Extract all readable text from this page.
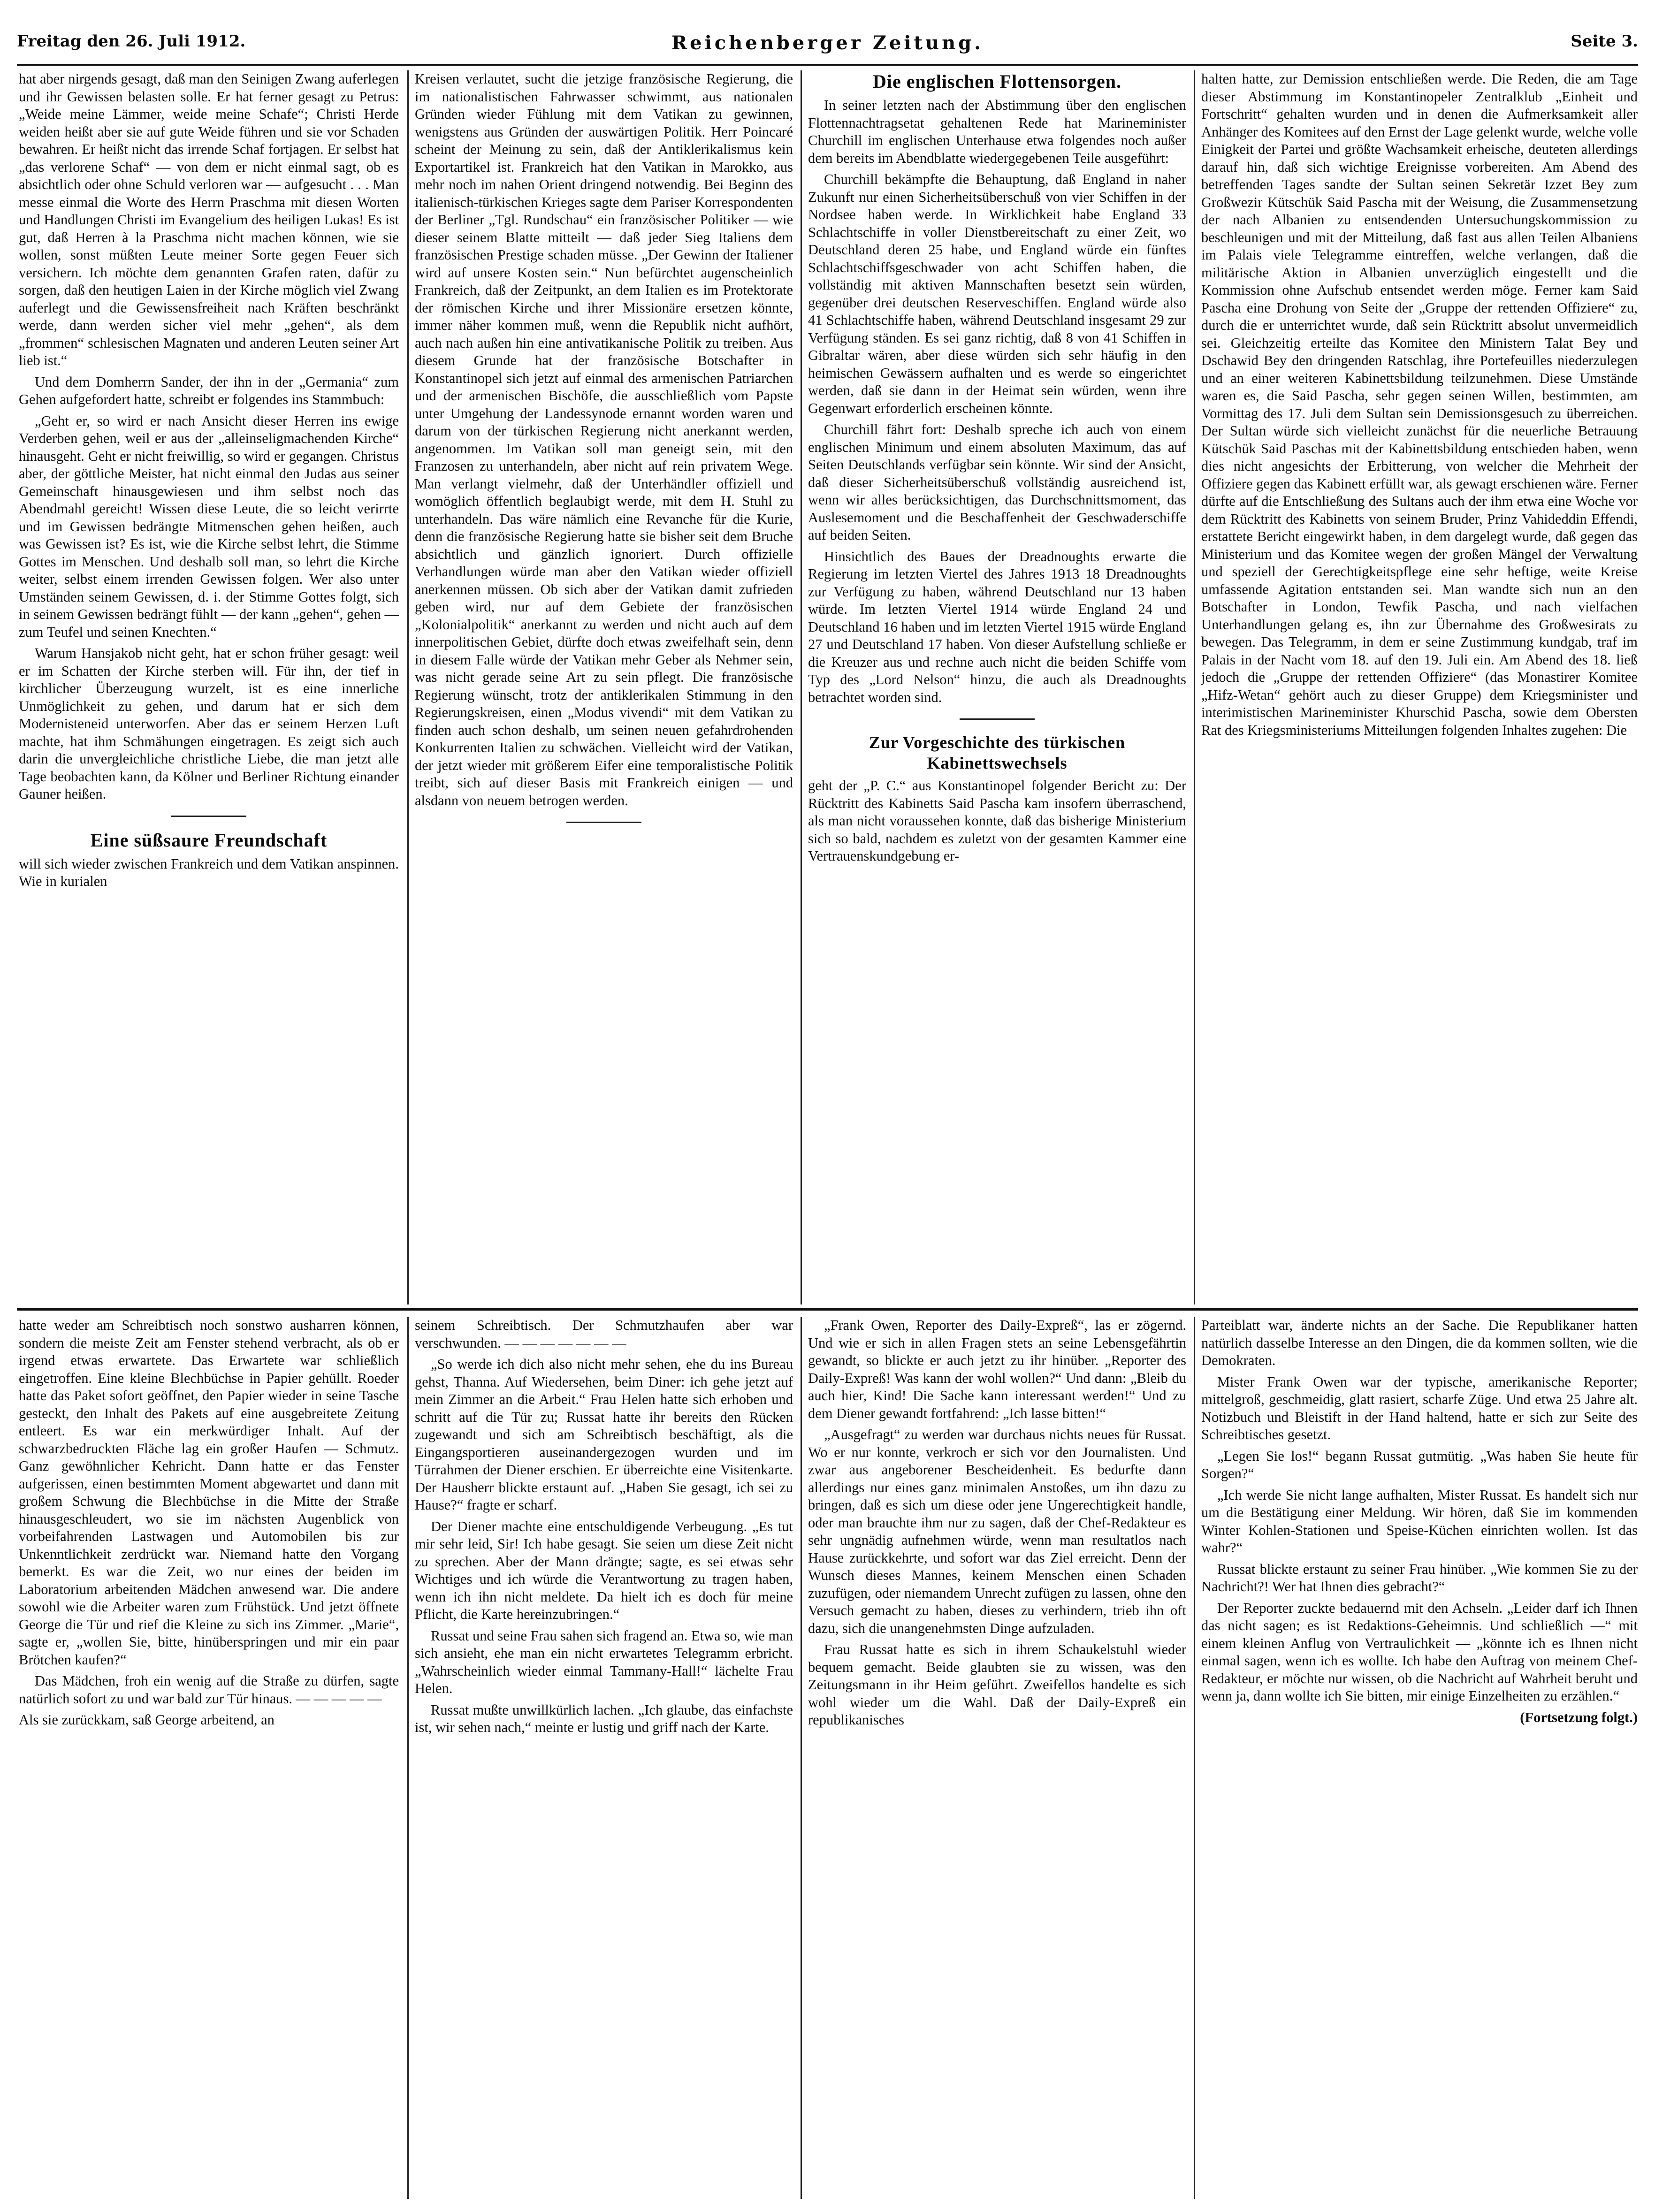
Freitag den 26. Juli 1912.	Reichenberger Zeitung.	Seite 3.

hat aber nirgends gesagt, daß man den Seinigen Zwang auferlegen und ihr Gewissen belasten solle. Er hat ferner gesagt zu Petrus: „Weide meine Lämmer, weide meine Schafe“; Christi Herde weiden heißt aber sie auf gute Weide führen und sie vor Schaden bewahren. Er heißt nicht das irrende Schaf fortjagen. Er selbst hat „das verlorene Schaf“ — von dem er nicht einmal sagt, ob es absichtlich oder ohne Schuld verloren war — aufgesucht . . . Man messe einmal die Worte des Herrn Praschma mit diesen Worten und Handlungen Christi im Evangelium des heiligen Lukas! Es ist gut, daß Herren à la Praschma nicht machen können, wie sie wollen, sonst müßten Leute meiner Sorte gegen Feuer sich versichern. Ich möchte dem genannten Grafen raten, dafür zu sorgen, daß den heutigen Laien in der Kirche möglich viel Zwang auferlegt und die Gewissensfreiheit nach Kräften beschränkt werde, dann werden sicher viel mehr „gehen“, als dem „frommen“ schlesischen Magnaten und anderen Leuten seiner Art lieb ist.“

Und dem Domherrn Sander, der ihn in der „Germania“ zum Gehen aufgefordert hatte, schreibt er folgendes ins Stammbuch:

„Geht er, so wird er nach Ansicht dieser Herren ins ewige Verderben gehen, weil er aus der „alleinseligmachenden Kirche“ hinausgeht. Geht er nicht freiwillig, so wird er gegangen. Christus aber, der göttliche Meister, hat nicht einmal den Judas aus seiner Gemeinschaft hinausgewiesen und ihm selbst noch das Abendmahl gereicht! Wissen diese Leute, die so leicht verirrte und im Gewissen bedrängte Mitmenschen gehen heißen, auch was Gewissen ist? Es ist, wie die Kirche selbst lehrt, die Stimme Gottes im Menschen. Und deshalb soll man, so lehrt die Kirche weiter, selbst einem irrenden Gewissen folgen. Wer also unter Umständen seinem Gewissen, d. i. der Stimme Gottes folgt, sich in seinem Gewissen bedrängt fühlt — der kann „gehen“, gehen — zum Teufel und seinen Knechten.“

Warum Hansjakob nicht geht, hat er schon früher gesagt: weil er im Schatten der Kirche sterben will. Für ihn, der tief in kirchlicher Überzeugung wurzelt, ist es eine innerliche Unmöglichkeit zu gehen, und darum hat er sich dem Modernisteneid unterworfen. Aber das er seinem Herzen Luft machte, hat ihm Schmähungen eingetragen. Es zeigt sich auch darin die unvergleichliche christliche Liebe, die man jetzt alle Tage beobachten kann, da Kölner und Berliner Richtung einander Gauner heißen.

Eine süßsaure Freundschaft

will sich wieder zwischen Frankreich und dem Vatikan anspinnen. Wie in kurialen

Kreisen verlautet, sucht die jetzige französische Regierung, die im nationalistischen Fahrwasser schwimmt, aus nationalen Gründen wieder Fühlung mit dem Vatikan zu gewinnen, wenigstens aus Gründen der auswärtigen Politik. Herr Poincaré scheint der Meinung zu sein, daß der Antiklerikalismus kein Exportartikel ist. Frankreich hat den Vatikan in Marokko, aus mehr noch im nahen Orient dringend notwendig. Bei Beginn des italienisch-türkischen Krieges sagte dem Pariser Korrespondenten der Berliner „Tgl. Rundschau“ ein französischer Politiker — wie dieser seinem Blatte mitteilt — daß jeder Sieg Italiens dem französischen Prestige schaden müsse. „Der Gewinn der Italiener wird auf unsere Kosten sein.“ Nun befürchtet augenscheinlich Frankreich, daß der Zeitpunkt, an dem Italien es im Protektorate der römischen Kirche und ihrer Missionäre ersetzen könnte, immer näher kommen muß, wenn die Republik nicht aufhört, auch nach außen hin eine antivatikanische Politik zu treiben. Aus diesem Grunde hat der französische Botschafter in Konstantinopel sich jetzt auf einmal des armenischen Patriarchen und der armenischen Bischöfe, die ausschließlich vom Papste unter Umgehung der Landessynode ernannt worden waren und darum von der türkischen Regierung nicht anerkannt werden, angenommen. Im Vatikan soll man geneigt sein, mit den Franzosen zu unterhandeln, aber nicht auf rein privatem Wege. Man verlangt vielmehr, daß der Unterhändler offiziell und womöglich öffentlich beglaubigt werde, mit dem H. Stuhl zu unterhandeln. Das wäre nämlich eine Revanche für die Kurie, denn die französische Regierung hatte sie bisher seit dem Bruche absichtlich und gänzlich ignoriert. Durch offizielle Verhandlungen würde man aber den Vatikan wieder offiziell anerkennen müssen. Ob sich aber der Vatikan damit zufrieden geben wird, nur auf dem Gebiete der französischen „Kolonialpolitik“ anerkannt zu werden und nicht auch auf dem innerpolitischen Gebiet, dürfte doch etwas zweifelhaft sein, denn in diesem Falle würde der Vatikan mehr Geber als Nehmer sein, was nicht gerade seine Art zu sein pflegt. Die französische Regierung wünscht, trotz der antiklerikalen Stimmung in den Regierungskreisen, einen „Modus vivendi“ mit dem Vatikan zu finden auch schon deshalb, um seinen neuen gefahrdrohenden Konkurrenten Italien zu schwächen. Vielleicht wird der Vatikan, der jetzt wieder mit größerem Eifer eine temporalistische Politik treibt, sich auf dieser Basis mit Frankreich einigen — und alsdann von neuem betrogen werden.

Die englischen Flottensorgen.

In seiner letzten nach der Abstimmung über den englischen Flottennachtragsetat gehaltenen Rede hat Marineminister Churchill im englischen Unterhause etwa folgendes noch außer dem bereits im Abendblatte wiedergegebenen Teile ausgeführt:

Churchill bekämpfte die Behauptung, daß England in naher Zukunft nur einen Sicherheitsüberschuß von vier Schiffen in der Nordsee haben werde. In Wirklichkeit habe England 33 Schlachtschiffe in voller Dienstbereitschaft zu einer Zeit, wo Deutschland deren 25 habe, und England würde ein fünftes Schlachtschiffsgeschwader von acht Schiffen haben, die vollständig mit aktiven Mannschaften besetzt sein würden, gegenüber drei deutschen Reserveschiffen. England würde also 41 Schlachtschiffe haben, während Deutschland insgesamt 29 zur Verfügung ständen. Es sei ganz richtig, daß 8 von 41 Schiffen in Gibraltar wären, aber diese würden sich sehr häufig in den heimischen Gewässern aufhalten und es werde so eingerichtet werden, daß sie dann in der Heimat sein würden, wenn ihre Gegenwart erforderlich erscheinen könnte.

Churchill fährt fort: Deshalb spreche ich auch von einem englischen Minimum und einem absoluten Maximum, das auf Seiten Deutschlands verfügbar sein könnte. Wir sind der Ansicht, daß dieser Sicherheitsüberschuß vollständig ausreichend ist, wenn wir alles berücksichtigen, das Durchschnittsmoment, das Auslesemoment und die Beschaffenheit der Geschwaderschiffe auf beiden Seiten.

Hinsichtlich des Baues der Dreadnoughts erwarte die Regierung im letzten Viertel des Jahres 1913 18 Dreadnoughts zur Verfügung zu haben, während Deutschland nur 13 haben würde. Im letzten Viertel 1914 würde England 24 und Deutschland 16 haben und im letzten Viertel 1915 würde England 27 und Deutschland 17 haben. Von dieser Aufstellung schließe er die Kreuzer aus und rechne auch nicht die beiden Schiffe vom Typ des „Lord Nelson“ hinzu, die auch als Dreadnoughts betrachtet worden sind.

Zur Vorgeschichte des türkischen Kabinettswechsels

geht der „P. C.“ aus Konstantinopel folgender Bericht zu: Der Rücktritt des Kabinetts Said Pascha kam insofern überraschend, als man nicht voraussehen konnte, daß das bisherige Ministerium sich so bald, nachdem es zuletzt von der gesamten Kammer eine Vertrauenskundgebung er-

halten hatte, zur Demission entschließen werde. Die Reden, die am Tage dieser Abstimmung im Konstantinopeler Zentralklub „Einheit und Fortschritt“ gehalten wurden und in denen die Aufmerksamkeit aller Anhänger des Komitees auf den Ernst der Lage gelenkt wurde, welche volle Einigkeit der Partei und größte Wachsamkeit erheische, deuteten allerdings darauf hin, daß sich wichtige Ereignisse vorbereiten. Am Abend des betreffenden Tages sandte der Sultan seinen Sekretär Izzet Bey zum Großwezir Kütschük Said Pascha mit der Weisung, die Zusammensetzung der nach Albanien zu entsendenden Untersuchungskommission zu beschleunigen und mit der Mitteilung, daß fast aus allen Teilen Albaniens im Palais viele Telegramme eintreffen, welche verlangen, daß die militärische Aktion in Albanien unverzüglich eingestellt und die Kommission ohne Aufschub entsendet werden möge. Ferner kam Said Pascha eine Drohung von Seite der „Gruppe der rettenden Offiziere“ zu, durch die er unterrichtet wurde, daß sein Rücktritt absolut unvermeidlich sei. Gleichzeitig erteilte das Komitee den Ministern Talat Bey und Dschawid Bey den dringenden Ratschlag, ihre Portefeuilles niederzulegen und an einer weiteren Kabinettsbildung teilzunehmen. Diese Umstände waren es, die Said Pascha, sehr gegen seinen Willen, bestimmten, am Vormittag des 17. Juli dem Sultan sein Demissionsgesuch zu überreichen. Der Sultan würde sich vielleicht zunächst für die neuerliche Betrauung Kütschük Said Paschas mit der Kabinettsbildung entschieden haben, wenn dies nicht angesichts der Erbitterung, von welcher die Mehrheit der Offiziere gegen das Kabinett erfüllt war, als gewagt erschienen wäre. Ferner dürfte auf die Entschließung des Sultans auch der ihm etwa eine Woche vor dem Rücktritt des Kabinetts von seinem Bruder, Prinz Vahideddin Effendi, erstattete Bericht eingewirkt haben, in dem dargelegt wurde, daß gegen das Ministerium und das Komitee wegen der großen Mängel der Verwaltung und speziell der Gerechtigkeitspflege eine sehr heftige, weite Kreise umfassende Agitation entstanden sei. Man wandte sich nun an den Botschafter in London, Tewfik Pascha, und nach vielfachen Unterhandlungen gelang es, ihn zur Übernahme des Großwesirats zu bewegen. Das Telegramm, in dem er seine Zustimmung kundgab, traf im Palais in der Nacht vom 18. auf den 19. Juli ein. Am Abend des 18. ließ jedoch die „Gruppe der rettenden Offiziere“ (das Monastirer Komitee „Hifz-Wetan“ gehört auch zu dieser Gruppe) dem Kriegsminister und interimistischen Marineminister Khurschid Pascha, sowie dem Obersten Rat des Kriegsministeriums Mitteilungen folgenden Inhaltes zugehen: Die

hatte weder am Schreibtisch noch sonstwo ausharren können, sondern die meiste Zeit am Fenster stehend verbracht, als ob er irgend etwas erwartete. Das Erwartete war schließlich eingetroffen. Eine kleine Blechbüchse in Papier gehüllt. Roeder hatte das Paket sofort geöffnet, den Papier wieder in seine Tasche gesteckt, den Inhalt des Pakets auf eine ausgebreitete Zeitung entleert. Es war ein merkwürdiger Inhalt. Auf der schwarzbedruckten Fläche lag ein großer Haufen — Schmutz. Ganz gewöhnlicher Kehricht. Dann hatte er das Fenster aufgerissen, einen bestimmten Moment abgewartet und dann mit großem Schwung die Blechbüchse in die Mitte der Straße hinausgeschleudert, wo sie im nächsten Augenblick von vorbeifahrenden Lastwagen und Automobilen bis zur Unkenntlichkeit zerdrückt war. Niemand hatte den Vorgang bemerkt. Es war die Zeit, wo nur eines der beiden im Laboratorium arbeitenden Mädchen anwesend war. Die andere sowohl wie die Arbeiter waren zum Frühstück. Und jetzt öffnete George die Tür und rief die Kleine zu sich ins Zimmer. „Marie“, sagte er, „wollen Sie, bitte, hinüberspringen und mir ein paar Brötchen kaufen?“

Das Mädchen, froh ein wenig auf die Straße zu dürfen, sagte natürlich sofort zu und war bald zur Tür hinaus. — — — — —

Als sie zurückkam, saß George arbeitend, an

seinem Schreibtisch. Der Schmutzhaufen aber war verschwunden. — — — — — — —

„So werde ich dich also nicht mehr sehen, ehe du ins Bureau gehst, Thanna. Auf Wiedersehen, beim Diner: ich gehe jetzt auf mein Zimmer an die Arbeit.“ Frau Helen hatte sich erhoben und schritt auf die Tür zu; Russat hatte ihr bereits den Rücken zugewandt und sich am Schreibtisch beschäftigt, als die Eingangsportieren auseinandergezogen wurden und im Türrahmen der Diener erschien. Er überreichte eine Visitenkarte. Der Hausherr blickte erstaunt auf. „Haben Sie gesagt, ich sei zu Hause?“ fragte er scharf.

Der Diener machte eine entschuldigende Verbeugung. „Es tut mir sehr leid, Sir! Ich habe gesagt. Sie seien um diese Zeit nicht zu sprechen. Aber der Mann drängte; sagte, es sei etwas sehr Wichtiges und ich würde die Verantwortung zu tragen haben, wenn ich ihn nicht meldete. Da hielt ich es doch für meine Pflicht, die Karte hereinzubringen.“

Russat und seine Frau sahen sich fragend an. Etwa so, wie man sich ansieht, ehe man ein nicht erwartetes Telegramm erbricht. „Wahrscheinlich wieder einmal Tammany-Hall!“ lächelte Frau Helen.

Russat mußte unwillkürlich lachen. „Ich glaube, das einfachste ist, wir sehen nach,“ meinte er lustig und griff nach der Karte.

„Frank Owen, Reporter des Daily-Expreß“, las er zögernd. Und wie er sich in allen Fragen stets an seine Lebensgefährtin gewandt, so blickte er auch jetzt zu ihr hinüber. „Reporter des Daily-Expreß! Was kann der wohl wollen?“ Und dann: „Bleib du auch hier, Kind! Die Sache kann interessant werden!“ Und zu dem Diener gewandt fortfahrend: „Ich lasse bitten!“

„Ausgefragt“ zu werden war durchaus nichts neues für Russat. Wo er nur konnte, verkroch er sich vor den Journalisten. Und zwar aus angeborener Bescheidenheit. Es bedurfte dann allerdings nur eines ganz minimalen Anstoßes, um ihn dazu zu bringen, daß es sich um diese oder jene Ungerechtigkeit handle, oder man brauchte ihm nur zu sagen, daß der Chef-Redakteur es sehr ungnädig aufnehmen würde, wenn man resultatlos nach Hause zurückkehrte, und sofort war das Ziel erreicht. Denn der Wunsch dieses Mannes, keinem Menschen einen Schaden zuzufügen, oder niemandem Unrecht zufügen zu lassen, ohne den Versuch gemacht zu haben, dieses zu verhindern, trieb ihn oft dazu, sich die unangenehmsten Dinge aufzuladen.

Frau Russat hatte es sich in ihrem Schaukelstuhl wieder bequem gemacht. Beide glaubten sie zu wissen, was den Zeitungsmann in ihr Heim geführt. Zweifellos handelte es sich wohl wieder um die Wahl. Daß der Daily-Expreß ein republikanisches

Parteiblatt war, änderte nichts an der Sache. Die Republikaner hatten natürlich dasselbe Interesse an den Dingen, die da kommen sollten, wie die Demokraten.

Mister Frank Owen war der typische, amerikanische Reporter; mittelgroß, geschmeidig, glatt rasiert, scharfe Züge. Und etwa 25 Jahre alt. Notizbuch und Bleistift in der Hand haltend, hatte er sich zur Seite des Schreibtisches gesetzt.

„Legen Sie los!“ begann Russat gutmütig. „Was haben Sie heute für Sorgen?“

„Ich werde Sie nicht lange aufhalten, Mister Russat. Es handelt sich nur um die Bestätigung einer Meldung. Wir hören, daß Sie im kommenden Winter Kohlen-Stationen und Speise-Küchen einrichten wollen. Ist das wahr?“

Russat blickte erstaunt zu seiner Frau hinüber. „Wie kommen Sie zu der Nachricht?! Wer hat Ihnen dies gebracht?“

Der Reporter zuckte bedauernd mit den Achseln. „Leider darf ich Ihnen das nicht sagen; es ist Redaktions-Geheimnis. Und schließlich —“ mit einem kleinen Anflug von Vertraulichkeit — „könnte ich es Ihnen nicht einmal sagen, wenn ich es wollte. Ich habe den Auftrag von meinem Chef-Redakteur, er möchte nur wissen, ob die Nachricht auf Wahrheit beruht und wenn ja, dann wollte ich Sie bitten, mir einige Einzelheiten zu erzählen.“

(Fortsetzung folgt.)
